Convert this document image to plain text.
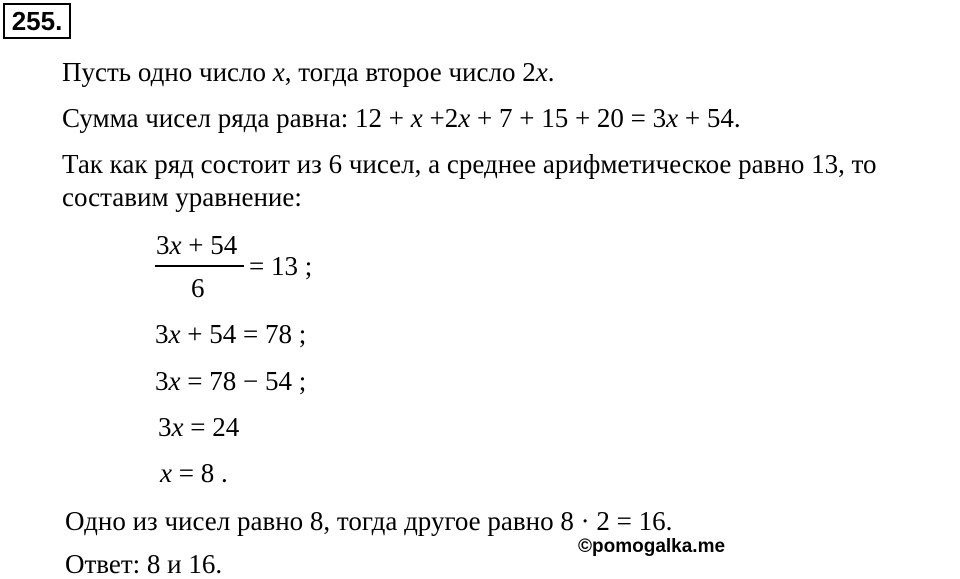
255.
Пусть одно число x, тогда второе число 2x.
Сумма чисел ряда равна: 12 + x +2x + 7 + 15 + 20 = 3x + 54.
Так как ряд состоит из 6 чисел, а среднее арифметическое равно 13, то
составим уравнение:
3x + 54
6
= 13 ;
3x + 54 = 78 ;
3x = 78 − 54 ;
3x = 24
x = 8 .
Одно из чисел равно 8, тогда другое равно 8 · 2 = 16.
Ответ: 8 и 16.
©pomogalka.me
